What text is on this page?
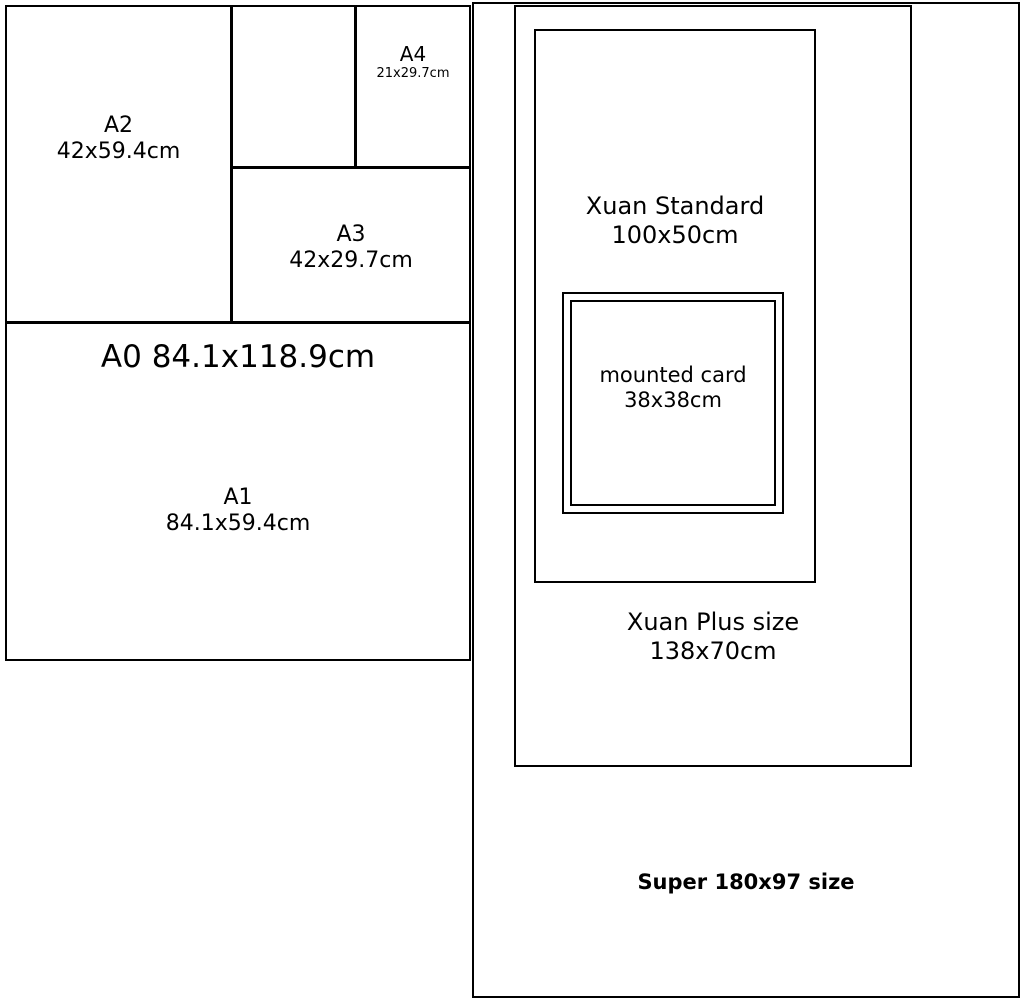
A0 84.1x118.9cm
A1
84.1x59.4cm
A2
42x59.4cm
A3
42x29.7cm
A4
21x29.7cm
Xuan Standard
100x50cm
mounted card
38x38cm
Xuan Plus size
138x70cm
Super 180x97 size
